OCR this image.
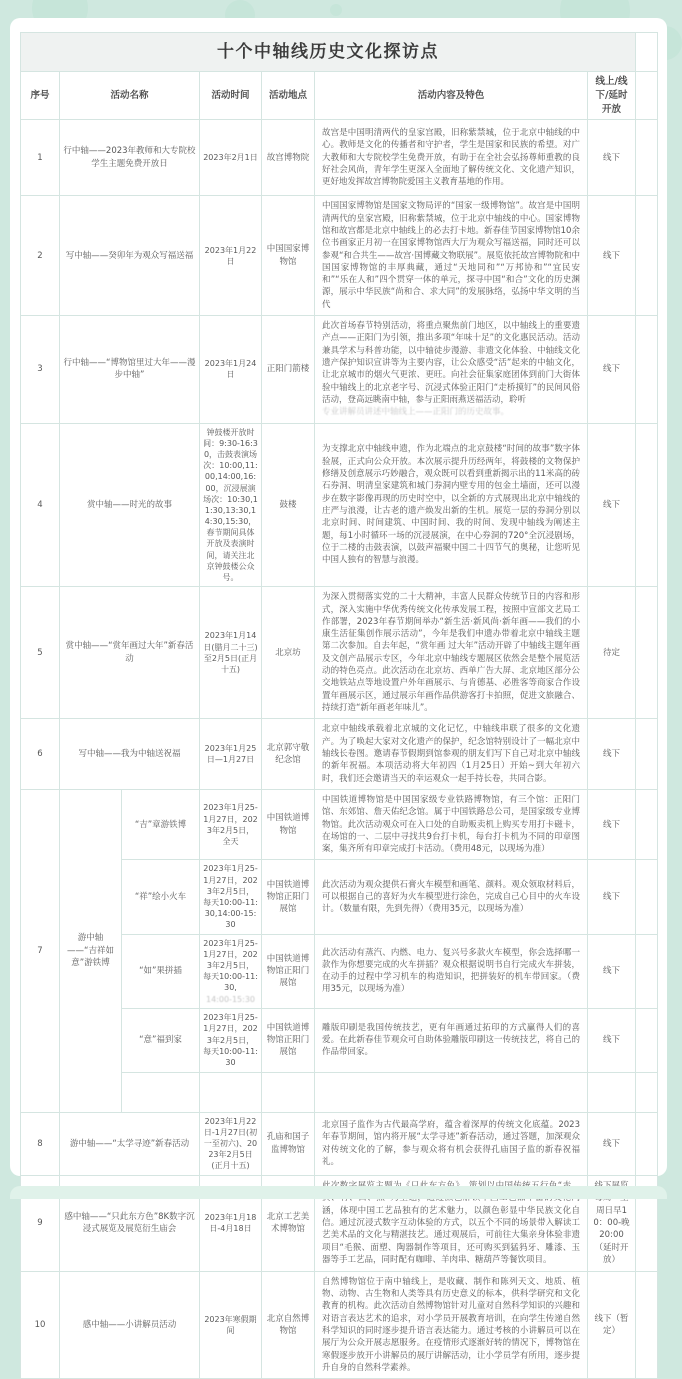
十个中轴线历史文化探访点							
序号	活动名称		活动时间	活动地点	活动内容及特色	线上/线下/延时开放	
1	行中轴——2023年教师和大专院校学生主题免费开放日		2023年2月1日	故宫博物院	故宫是中国明清两代的皇家宫殿，旧称紫禁城，位于北京中轴线的中心。教师是文化的传播者和守护者，学生是国家和民族的希望。对广大教师和大专院校学生免费开放，有助于在全社会弘扬尊师重教的良好社会风尚，青年学生更深入全面地了解传统文化、文化遗产知识，更好地发挥故宫博物院爱国主义教育基地的作用。	线下	
2	写中轴——癸卯年为观众写福送福		2023年1月22日	中国国家博物馆	中国国家博物馆是国家文物局评的“国家一级博物馆”。故宫是中国明清两代的皇家宫殿，旧称紫禁城，位于北京中轴线的中心。国家博物馆和故宫都是北京中轴线上的必去打卡地。新春佳节国家博物馆10余位书画家正月初一在国家博物馆西大厅为观众写福送福，同时还可以参观“和合共生——故宫·国博藏文物联展”。展览依托故宫博物院和中国国家博物馆的丰厚典藏，通过“天地同和”“万邦协和”“宜民安和”“乐在人和”四个贯穿一体的单元，探寻中国“和合”文化的历史渊源，展示中华民族“尚和合、求大同”的发展脉络，弘扬中华文明的当代	线下	
3	行中轴——“博物馆里过大年——漫步中轴”		2023年1月24日	正阳门箭楼	此次首场春节特别活动，将重点聚焦前门地区，以中轴线上的重要遗产点——正阳门为引领，推出多项“年味十足”的文化惠民活动。活动兼具学术与科普功能，以中轴徒步漫游、非遗文化体验、中轴线文化遗产保护知识宣讲等为主要内容，让公众感受“活”起来的中轴文化，让北京城市的烟火气更浓、更旺。向社会征集家庭团体到前门大街体验中轴线上的北京老字号、沉浸式体验正阳门“走桥摸钉”的民间风俗活动，登高远眺南中轴，参与正阳雨燕送福活动，聆听
专业讲解员讲述中轴线上——正阳门的历史故事。	线下	
4	赏中轴——时光的故事		钟鼓楼开放时间：9:30-16:30，击鼓表演场次：10:00,11:00,14:00,16:00，沉浸展演场次：10:30,11:30,13:30,14:30,15:30，春节期间具体开放及表演时间，请关注北京钟鼓楼公众号。	鼓楼	为支撑北京中轴线申遗，作为北端点的北京鼓楼“时间的故事”数字体验展，正式向公众开放。本次展示提升历经两年，将鼓楼的文物保护修缮及创意展示巧妙融合，观众既可以看到重新揭示出的11米高的砖石券洞、明清皇家建筑和城门券洞内壁专用的包金土墙面，还可以漫步在数字影像再现的历史时空中，以全新的方式展现出北京中轴线的庄严与浪漫，让古老的遗产焕发出新的生机。展览一层的券洞分别以北京时间、时间建筑、中国时间、我的时间、发现中轴线为阐述主题，每1小时循环一场的沉浸展演，在中心券洞的720°全沉浸剧场，位于二楼的击鼓表演，以鼓声福聚中国二十四节气的奥秘，让您听见中国人独有的智慧与浪漫。	线下	
5	赏中轴——“赏年画过大年”新春活动		2023年1月14日(腊月二十三)至2月5日(正月十五)	北京坊	为深入贯彻落实党的二十大精神，丰富人民群众传统节日的内容和形式，深入实施中华优秀传统文化传承发展工程，按照中宣部文艺局工作部署，2023年春节期间举办“新生活·新风尚·新年画——我们的小康生活征集创作展示活动”，今年是我们申遗办带着北京中轴线主题第二次参加。自去年起，“赏年画 过大年”活动开辟了中轴线主题年画及文创产品展示专区，今年北京中轴线专题展区依然会是整个展览活动的特色亮点。此次活动在北京坊、西单广告大屏、北京地区部分公交地铁站点等地设置户外年画展示、与肯德基、必胜客等商家合作设置年画展示区，通过展示年画作品供游客打卡拍照，促进文旅融合、持续打造“新年画老年味儿”。	待定	
6	写中轴——我为中轴送祝福		2023年1月25日—1月27日	北京郭守敬纪念馆	北京中轴线承载着北京城的文化记忆，中轴线串联了很多的文化遗产。为了唤起大家对文化遗产的保护，纪念馆特别设计了一幅北京中轴线长卷图。邀请春节假期到馆参观的朋友们写下自己对北京中轴线的新年祝福。本项活动将大年初四（1月25日）开始~到大年初六时，我们还会邀请当天的幸运观众一起手持长卷，共同合影。	线下	
7	游中轴——“吉祥如意”游铁博	“吉”章游铁博	2023年1月25-1月27日，2023年2月5日，全天	中国铁道博物馆	中国铁道博物馆是中国国家级专业铁路博物馆，有三个馆：正阳门馆、东郊馆、詹天佑纪念馆。属于中国铁路总公司，是国家级专业博物馆。此次活动观众可在入口处的自助贩卖机上购买专用打卡磁卡，在场馆的一、二层中寻找共9台打卡机，每台打卡机为不同的印章图案，集齐所有印章完成打卡活动。（费用48元，以现场为准）	线下	
		“祥”绘小火车	2023年1月25-1月27日，2023年2月5日，每天10:00-11:30,14:00-15:30	中国铁道博物馆正阳门展馆	此次活动为观众提供石膏火车模型和画笔、颜料。观众领取材料后，可以根据自己的喜好为火车模型进行涂色，完成自己心目中的火车设计。（数量有限，先到先得）（费用35元，以现场为准）	线下	
		“如”果拼插	2023年1月25-1月27日，2023年2月5日，每天10:00-11:30,
14:00-15:30	中国铁道博物馆正阳门展馆	此次活动有蒸汽、内燃、电力、复兴号多款火车模型，你会选择哪一款作为你想要完成的火车拼插？观众根据说明书自行完成火车拼装，在动手的过程中学习机车的构造知识，把拼装好的机车带回家。（费用35元，以现场为准）	线下	
		“意”福到家	2023年1月25-1月27日，2023年2月5日，每天10:00-11:30	中国铁道博物馆正阳门展馆	雕版印刷是我国传统技艺，更有年画通过拓印的方式赢得人们的喜爱。在此新春佳节观众可自助体验雕版印刷这一传统技艺，将自己的作品带回家。	线下	

8	游中轴——“太学寻迹”新春活动		2023年1月22日-1月27日(初一至初六)、2023年2月5日(正月十五)	孔庙和国子监博物馆	北京国子监作为古代最高学府，蕴含着深厚的传统文化底蕴。2023年春节期间，馆内将开展“太学寻迹”新春活动，通过答题，加深观众对传统文化的了解，参与观众将有机会获得孔庙国子监的新春祝福礼。	线下	
9	感中轴——“只此东方色”8K数字沉浸式展览及展览衍生庙会		2023年1月18日-4月18日	北京工艺美术博物馆	涵，体现中国工艺品独有的艺术魅力，以颜色彰显中华民族文化自信。通过沉浸式数字互动体验的方式，以五个不同的场景带入解读工艺美术品的文化与精湛技艺。通过观展后，可前往大集亲身体验非遗项目“毛猴、面塑、陶器制作等项目，还可购买到猛犸牙、雕漆、玉器等手工艺品，同时配有咖啡、羊肉串、糖葫芦等餐饮项目。	周日早10：00-晚20:00（延时开放）	
10	感中轴——小讲解员活动		2023年寒假期间	北京自然博物馆	自然博物馆位于南中轴线上，是收藏、制作和陈列天文、地质、植物、动物、古生物和人类等具有历史意义的标本，供科学研究和文化教育的机构。此次活动自然博物馆针对儿童对自然科学知识的兴趣和对语言表达艺术的追求，对小学员开展教育培训，在向学生传递自然科学知识的同时逐步提升语言表达能力。通过考核的小讲解员可以在展厅为公众开展志愿服务。在疫情形式逐渐好转的情况下，博物馆在寒假逐步放开小讲解员的展厅讲解活动，让小学员学有所用，逐步提升自身的自然科学素养。	线下（暂定）	
